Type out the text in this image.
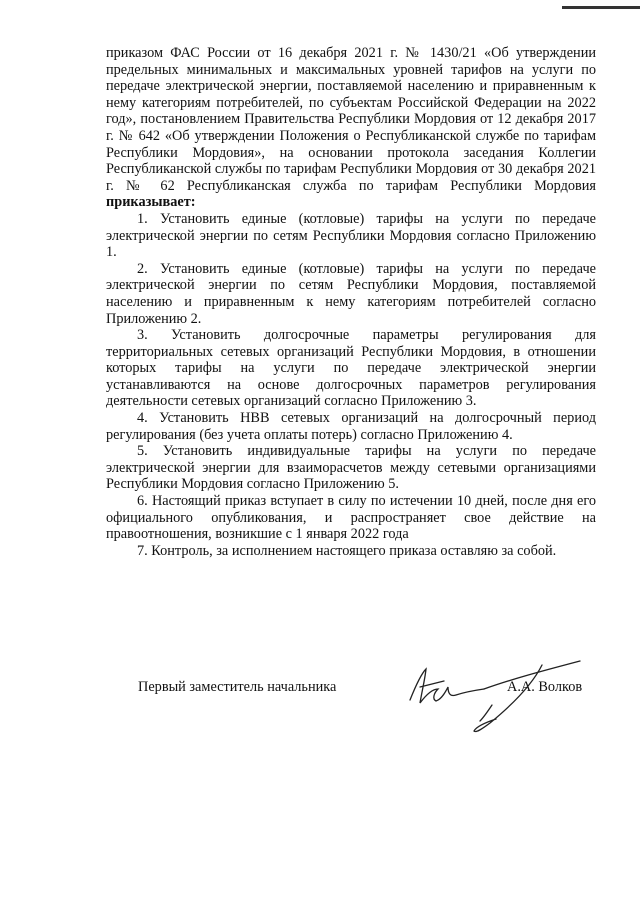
приказом ФАС России от 16 декабря 2021 г. № 1430/21 «Об утверждении предельных минимальных и максимальных уровней тарифов на услуги по передаче электрической энергии, поставляемой населению и приравненным к нему категориям потребителей, по субъектам Российской Федерации на 2022 год», постановлением Правительства Республики Мордовия от 12 декабря 2017 г. № 642 «Об утверждении Положения о Республиканской службе по тарифам Республики Мордовия», на основании протокола заседания Коллегии Республиканской службы по тарифам Республики Мордовия от 30 декабря 2021 г. № 62 Республиканская служба по тарифам Республики Мордовия приказывает:

1. Установить единые (котловые) тарифы на услуги по передаче электрической энергии по сетям Республики Мордовия согласно Приложению 1.

2. Установить единые (котловые) тарифы на услуги по передаче электрической энергии по сетям Республики Мордовия, поставляемой населению и приравненным к нему категориям потребителей согласно Приложению 2.

3. Установить долгосрочные параметры регулирования для территориальных сетевых организаций Республики Мордовия, в отношении которых тарифы на услуги по передаче электрической энергии устанавливаются на основе долгосрочных параметров регулирования деятельности сетевых организаций согласно Приложению 3.

4. Установить НВВ сетевых организаций на долгосрочный период регулирования (без учета оплаты потерь) согласно Приложению 4.

5. Установить индивидуальные тарифы на услуги по передаче электрической энергии для взаиморасчетов между сетевыми организациями Республики Мордовия согласно Приложению 5.

6. Настоящий приказ вступает в силу по истечении 10 дней, после дня его официального опубликования, и распространяет свое действие на правоотношения, возникшие с 1 января 2022 года

7. Контроль, за исполнением настоящего приказа оставляю за собой.

Первый заместитель начальника	А.А. Волков
